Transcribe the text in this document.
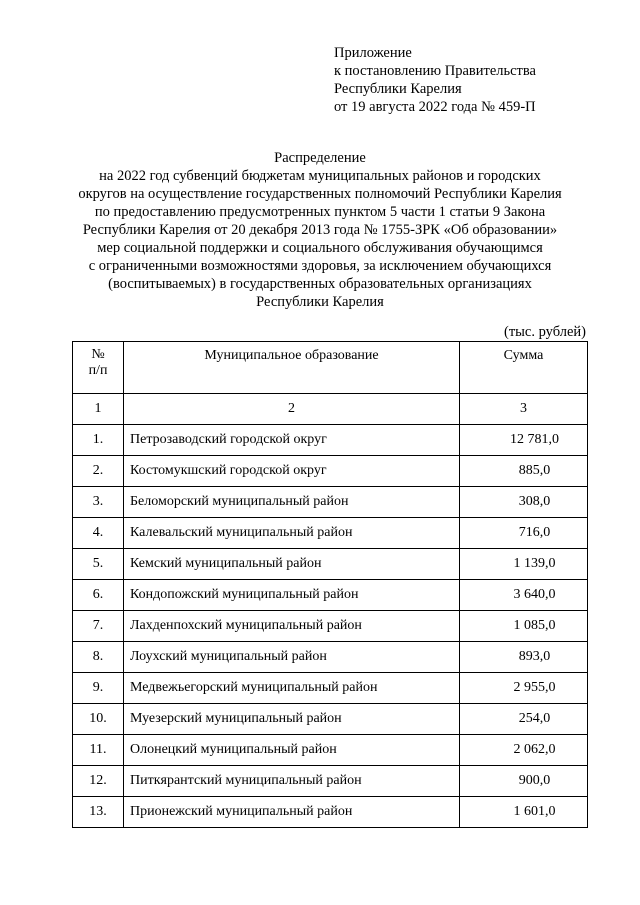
Приложение
к постановлению Правительства
Республики Карелия
от 19 августа 2022 года № 459-П
Распределение
на 2022 год субвенций бюджетам муниципальных районов и городских
округов на осуществление государственных полномочий Республики Карелия
по предоставлению предусмотренных пунктом 5 части 1 статьи 9 Закона
Республики Карелия от 20 декабря 2013 года № 1755-ЗРК «Об образовании»
мер социальной поддержки и социального обслуживания обучающимся
с ограниченными возможностями здоровья, за исключением обучающихся
(воспитываемых) в государственных образовательных организациях
Республики Карелия
(тыс. рублей)
№
п/п	Муниципальное образование	Сумма
1	2	3
1.	Петрозаводский городской округ	12 781,0
2.	Костомукшский городской округ	885,0
3.	Беломорский муниципальный район	308,0
4.	Калевальский муниципальный район	716,0
5.	Кемский муниципальный район	1 139,0
6.	Кондопожский муниципальный район	3 640,0
7.	Лахденпохский муниципальный район	1 085,0
8.	Лоухский муниципальный район	893,0
9.	Медвежьегорский муниципальный район	2 955,0
10.	Муезерский муниципальный район	254,0
11.	Олонецкий муниципальный район	2 062,0
12.	Питкярантский муниципальный район	900,0
13.	Прионежский муниципальный район	1 601,0
